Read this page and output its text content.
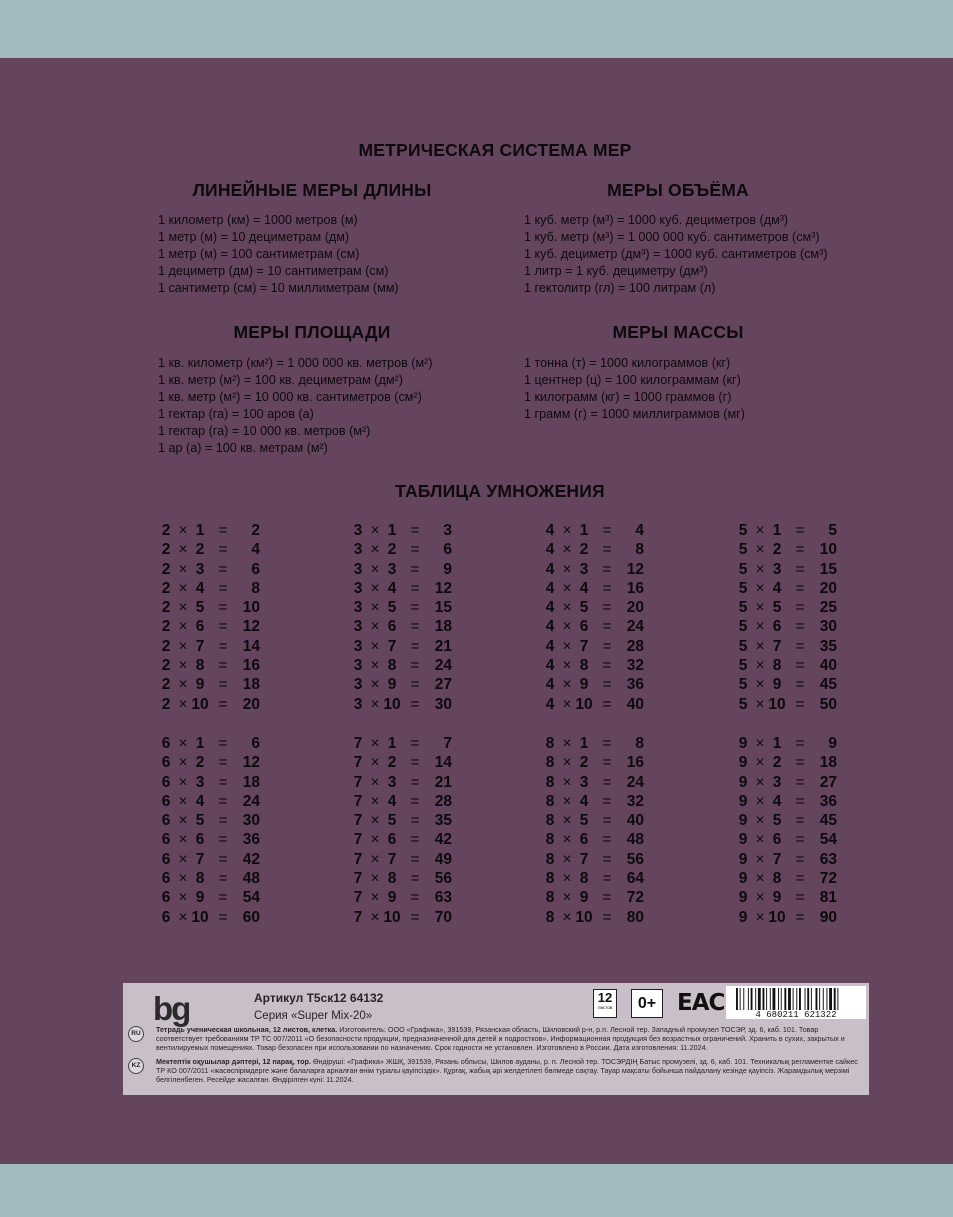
МЕТРИЧЕСКАЯ СИСТЕМА МЕР
ЛИНЕЙНЫЕ МЕРЫ ДЛИНЫ
1 километр (км) = 1000 метров (м)
1 метр (м) = 10 дециметрам (дм)
1 метр (м) = 100 сантиметрам (см)
1 дециметр (дм) = 10 сантиметрам (см)
1 сантиметр (см) = 10 миллиметрам (мм)
МЕРЫ ОБЪЁМА
1 куб. метр (м³) = 1000 куб. дециметров (дм³)
1 куб. метр (м³) = 1 000 000 куб. сантиметров (см³)
1 куб. дециметр (дм³) = 1000 куб. сантиметров (см³)
1 литр = 1 куб. дециметру (дм³)
1 гектолитр (гл) = 100 литрам (л)
МЕРЫ ПЛОЩАДИ
1 кв. километр (км²) = 1 000 000 кв. метров (м²)
1 кв. метр (м²) = 100 кв. дециметрам (дм²)
1 кв. метр (м²) = 10 000 кв. сантиметров (см²)
1 гектар (га) = 100 аров (а)
1 гектар (га) = 10 000 кв. метров (м²)
1 ар (а) = 100 кв. метрам (м²)
МЕРЫ МАССЫ
1 тонна (т) = 1000 килограммов (кг)
1 центнер (ц) = 100 килограммам (кг)
1 килограмм (кг) = 1000 граммов (г)
1 грамм (г) = 1000 миллиграммов (мг)
ТАБЛИЦА УМНОЖЕНИЯ
2 × 1 =	2
2 × 2 =	4
2 × 3 =	6
2 × 4 =	8
2 × 5 = 10
2 × 6 = 12
2 × 7 = 14
2 × 8 = 16
2 × 9 = 18
2 × 10 = 20
3 × 1 =	3
3 × 2 =	6
3 × 3 =	9
3 × 4 = 12
3 × 5 = 15
3 × 6 = 18
3 × 7 = 21
3 × 8 = 24
3 × 9 = 27
3 × 10 = 30
4 × 1 =	4
4 × 2 =	8
4 × 3 = 12
4 × 4 = 16
4 × 5 = 20
4 × 6 = 24
4 × 7 = 28
4 × 8 = 32
4 × 9 = 36
4 × 10 = 40
5 × 1 =	5
5 × 2 = 10
5 × 3 = 15
5 × 4 = 20
5 × 5 = 25
5 × 6 = 30
5 × 7 = 35
5 × 8 = 40
5 × 9 = 45
5 × 10 = 50
6 × 1 =	6
6 × 2 = 12
6 × 3 = 18
6 × 4 = 24
6 × 5 = 30
6 × 6 = 36
6 × 7 = 42
6 × 8 = 48
6 × 9 = 54
6 × 10 = 60
7 × 1 =	7
7 × 2 = 14
7 × 3 = 21
7 × 4 = 28
7 × 5 = 35
7 × 6 = 42
7 × 7 = 49
7 × 8 = 56
7 × 9 = 63
7 × 10 = 70
8 × 1 =	8
8 × 2 = 16
8 × 3 = 24
8 × 4 = 32
8 × 5 = 40
8 × 6 = 48
8 × 7 = 56
8 × 8 = 64
8 × 9 = 72
8 × 10 = 80
9 × 1 =	9
9 × 2 = 18
9 × 3 = 27
9 × 4 = 36
9 × 5 = 45
9 × 6 = 54
9 × 7 = 63
9 × 8 = 72
9 × 9 = 81
9 × 10 = 90
bg	Артикул Т5ск12 64132
Серия «Super Mix-20»
12
листов	0+ EAC	4 680211 621322
RU	Тетрадь ученическая школьная, 12 листов, клетка. Изготовитель: ООО «Графика», 391539, Рязанская область, Шиловский р-н, р.п. Лесной тер. Западный промузел ТОСЭР, зд. 6, каб. 101. Товар соответствует требованиям ТР ТС 007/2011 «О безопасности продукции, предназначенной для детей и подростков». Информационная продукция без возрастных ограничений. Хранить в сухих, закрытых и вентилируемых помещениях. Товар безопасен при использовании по назначению. Срок годности не установлен. Изготовлено в России. Дата изготовления: 11.2024.
KZ	Мектептік оқушылар дәптері, 12 парақ, тор. Өндіруші: «Графика» ЖШҚ, 391539, Рязань облысы, Шилов ауданы, р. п. Лесной тер. ТОСЭРДІҢ Батыс промузелі, зд. 6, каб. 101. Техникалық регламентке сайкес ТР КО 007/2011 «жасөспірімдерге және балаларға арналған өнім туралы қауіпсіздік». Құрғақ, жабық әрі желдетілеті бөлмеде сақтау. Тауар мақсаты бойынша пайдалану кезінде қауіпсіз. Жарамдылық мерзімі белгіленбеген. Ресейде жасалған. Өндірілген күні: 11.2024.
